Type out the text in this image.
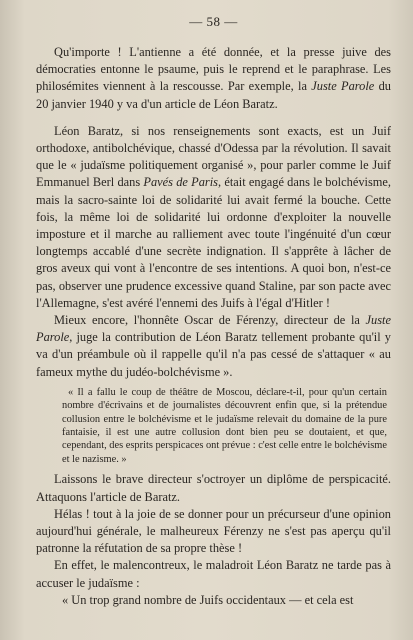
— 58 —

Qu'importe ! L'antienne a été donnée, et la presse juive des démocraties entonne le psaume, puis le reprend et le paraphrase. Les philosémites viennent à la rescousse. Par exemple, la Juste Parole du 20 janvier 1940 y va d'un article de Léon Baratz.

Léon Baratz, si nos renseignements sont exacts, est un Juif orthodoxe, antibolchévique, chassé d'Odessa par la révolution. Il savait que le « judaïsme politiquement organisé », pour parler comme le Juif Emmanuel Berl dans Pavés de Paris, était engagé dans le bolchévisme, mais la sacro-sainte loi de solidarité lui avait fermé la bouche. Cette fois, la même loi de solidarité lui ordonne d'exploiter la nouvelle imposture et il marche au ralliement avec toute l'ingénuité d'un cœur longtemps accablé d'une secrète indignation. Il s'apprête à lâcher de gros aveux qui vont à l'encontre de ses intentions. A quoi bon, n'est-ce pas, observer une prudence excessive quand Staline, par son pacte avec l'Allemagne, s'est avéré l'ennemi des Juifs à l'égal d'Hitler !

Mieux encore, l'honnête Oscar de Férenzy, directeur de la Juste Parole, juge la contribution de Léon Baratz tellement probante qu'il y va d'un préambule où il rappelle qu'il n'a pas cessé de s'attaquer « au fameux mythe du judéo-bolchévisme ».

« Il a fallu le coup de théâtre de Moscou, déclare-t-il, pour qu'un certain nombre d'écrivains et de journalistes découvrent enfin que, si la prétendue collusion entre le bolchévisme et le judaïsme relevait du domaine de la pure fantaisie, il est une autre collusion dont bien peu se doutaient, et que, cependant, des esprits perspicaces ont prévue : c'est celle entre le bolchévisme et le nazisme. »

Laissons le brave directeur s'octroyer un diplôme de perspicacité. Attaquons l'article de Baratz.

Hélas ! tout à la joie de se donner pour un précurseur d'une opinion aujourd'hui générale, le malheureux Férenzy ne s'est pas aperçu qu'il patronne la réfutation de sa propre thèse !

En effet, le malencontreux, le maladroit Léon Baratz ne tarde pas à accuser le judaïsme :

« Un trop grand nombre de Juifs occidentaux — et cela est
